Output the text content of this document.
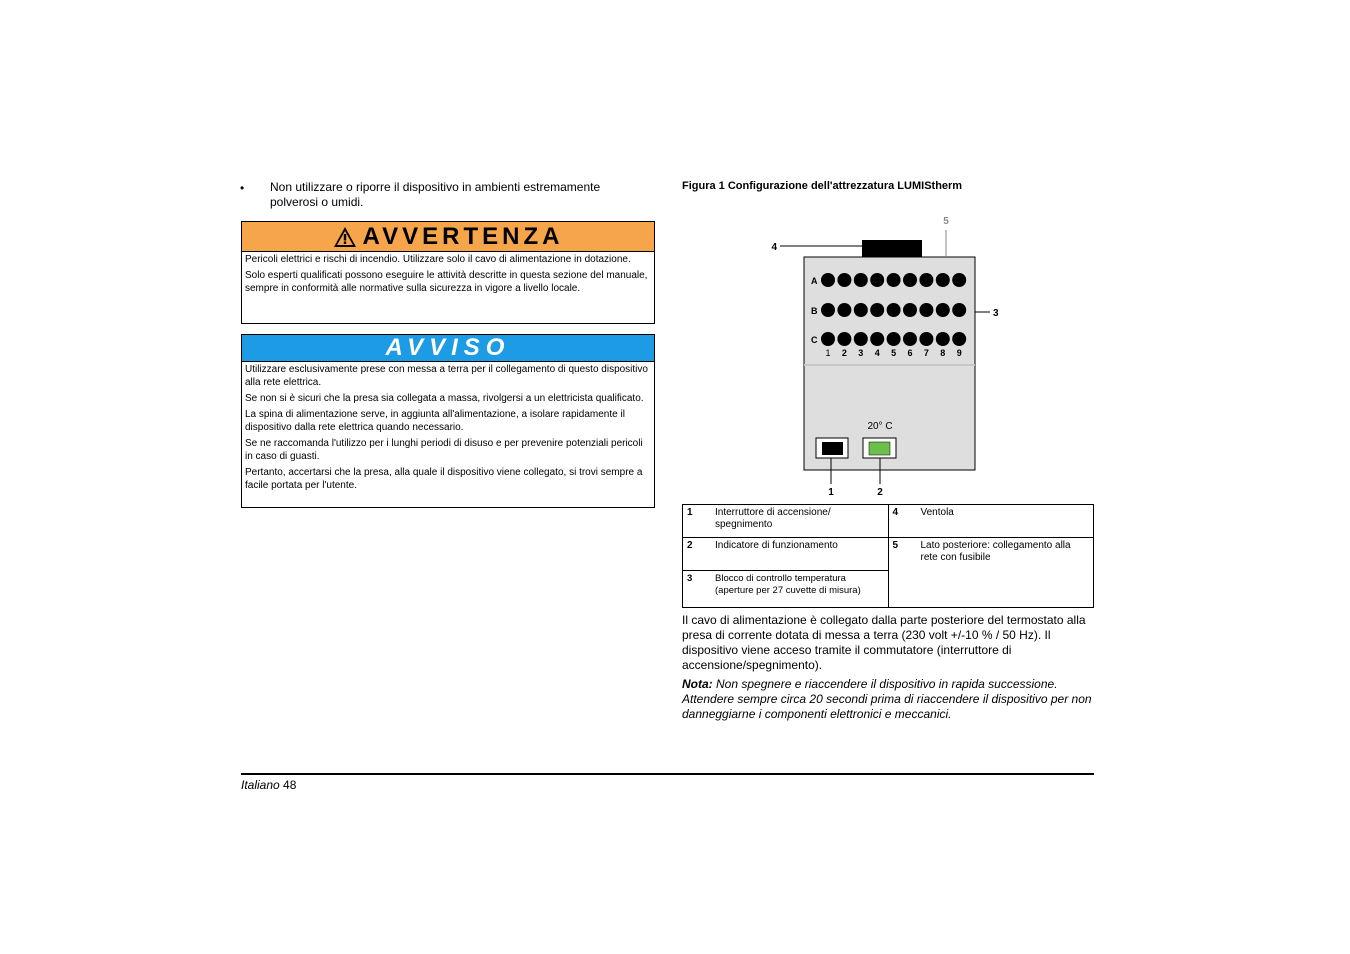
• Non utilizzare o riporre il dispositivo in ambienti estremamente polverosi o umidi.
AVVERTENZA

Pericoli elettrici e rischi di incendio. Utilizzare solo il cavo di alimentazione in dotazione.

Solo esperti qualificati possono eseguire le attività descritte in questa sezione del manuale, sempre in conformità alle normative sulla sicurezza in vigore a livello locale.

AVVISO

Utilizzare esclusivamente prese con messa a terra per il collegamento di questo dispositivo alla rete elettrica.

Se non si è sicuri che la presa sia collegata a massa, rivolgersi a un elettricista qualificato.

La spina di alimentazione serve, in aggiunta all'alimentazione, a isolare rapidamente il dispositivo dalla rete elettrica quando necessario.

Se ne raccomanda l'utilizzo per i lunghi periodi di disuso e per prevenire potenziali pericoli in caso di guasti.

Pertanto, accertarsi che la presa, alla quale il dispositivo viene collegato, si trovi sempre a facile portata per l'utente.

Figura 1 Configurazione dell'attrezzatura LUMIStherm
4
5
3
1	2
A
B
C
1 2 3 4 5 6 7 8 9
20° C
1 Interruttore di accensione/ spegnimento	4 Ventola
2 Indicatore di funzionamento	5 Lato posteriore: collegamento alla rete con fusibile
3 Blocco di controllo temperatura (aperture per 27 cuvette di misura)	
Il cavo di alimentazione è collegato dalla parte posteriore del termostato alla presa di corrente dotata di messa a terra (230 volt +/-10 % / 50 Hz). Il dispositivo viene acceso tramite il commutatore (interruttore di accensione/spegnimento).
Nota: Non spegnere e riaccendere il dispositivo in rapida successione. Attendere sempre circa 20 secondi prima di riaccendere il dispositivo per non danneggiarne i componenti elettronici e meccanici.
Italiano 48
